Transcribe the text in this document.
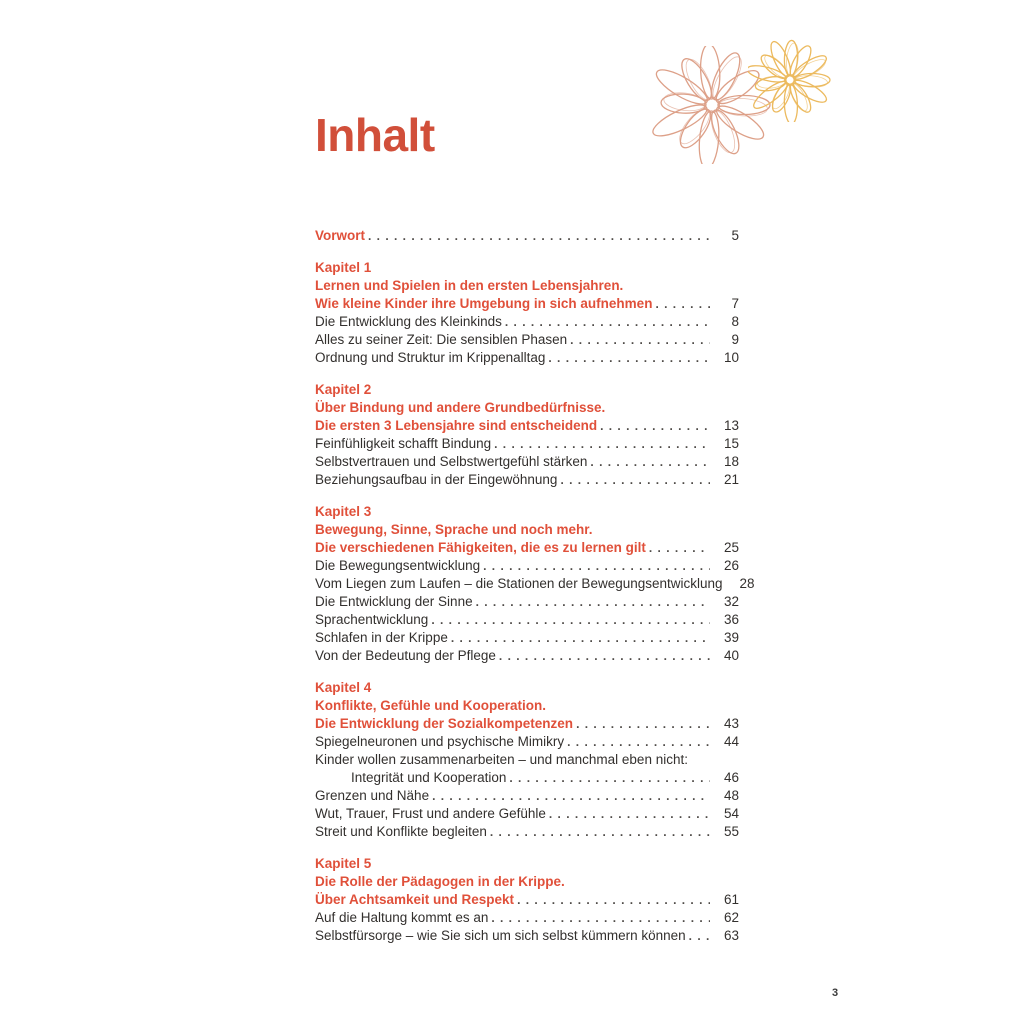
Inhalt
Vorwort . . .	5
Kapitel 1
Lernen und Spielen in den ersten Lebensjahren.
Wie kleine Kinder ihre Umgebung in sich aufnehmen . . .	7
Die Entwicklung des Kleinkinds . . .	8
Alles zu seiner Zeit: Die sensiblen Phasen . . .	9
Ordnung und Struktur im Krippenalltag . . .	10
Kapitel 2
Über Bindung und andere Grundbedürfnisse.
Die ersten 3 Lebensjahre sind entscheidend . . .	13
Feinfühligkeit schafft Bindung . . .	15
Selbstvertrauen und Selbstwertgefühl stärken . . .	18
Beziehungsaufbau in der Eingewöhnung . . .	21
Kapitel 3
Bewegung, Sinne, Sprache und noch mehr.
Die verschiedenen Fähigkeiten, die es zu lernen gilt . . .	25
Die Bewegungsentwicklung . . .	26
Vom Liegen zum Laufen – die Stationen der Bewegungsentwicklung	28
Die Entwicklung der Sinne . . .	32
Sprachentwicklung . . .	36
Schlafen in der Krippe . . .	39
Von der Bedeutung der Pflege . . .	40
Kapitel 4
Konflikte, Gefühle und Kooperation.
Die Entwicklung der Sozialkompetenzen . . .	43
Spiegelneuronen und psychische Mimikry . . .	44
Kinder wollen zusammenarbeiten – und manchmal eben nicht:
Integrität und Kooperation . . .	46
Grenzen und Nähe . . .	48
Wut, Trauer, Frust und andere Gefühle . . .	54
Streit und Konflikte begleiten . . .	55
Kapitel 5
Die Rolle der Pädagogen in der Krippe.
Über Achtsamkeit und Respekt . . .	61
Auf die Haltung kommt es an . . .	62
Selbstfürsorge – wie Sie sich um sich selbst kümmern können . . .	63
3
